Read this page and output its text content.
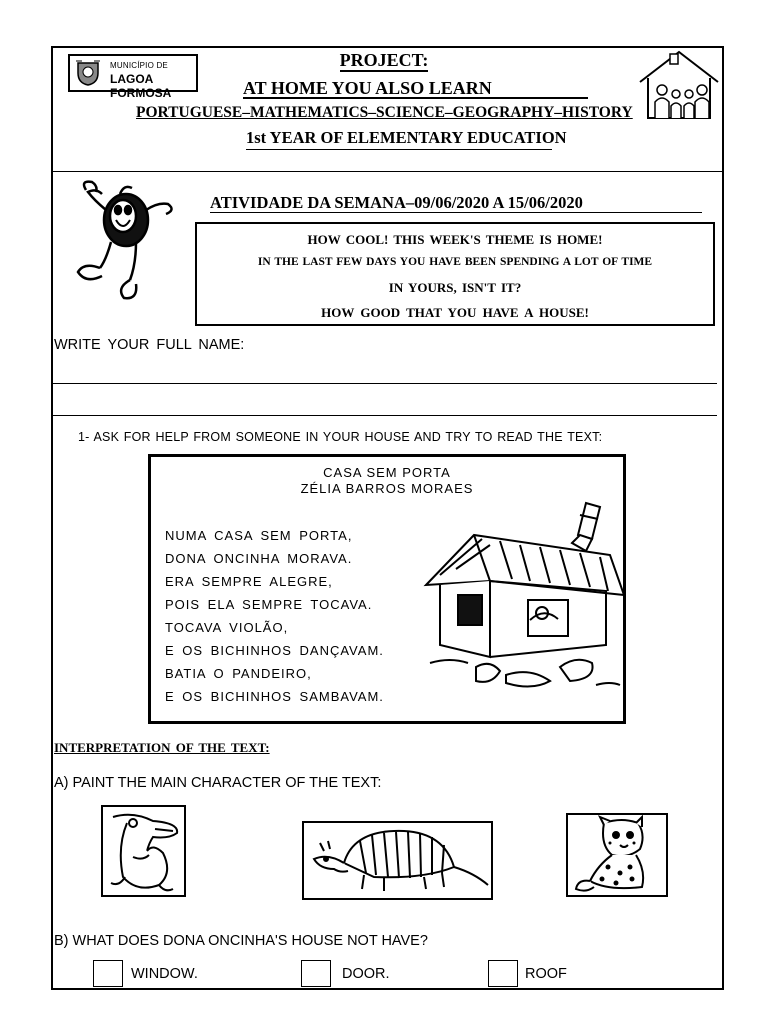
MUNICÍPIO DE
LAGOA FORMOSA
PROJECT:
AT HOME YOU ALSO LEARN
PORTUGUESE–MATHEMATICS–SCIENCE–GEOGRAPHY–HISTORY
1st YEAR OF ELEMENTARY EDUCATION
ATIVIDADE DA SEMANA–09/06/2020 A 15/06/2020
HOW COOL! THIS WEEK'S THEME IS HOME!
IN THE LAST FEW DAYS YOU HAVE BEEN SPENDING A LOT OF TIME
IN YOURS, ISN'T IT?
HOW GOOD THAT YOU HAVE A HOUSE!
WRITE YOUR FULL NAME:
1- ASK FOR HELP FROM SOMEONE IN YOUR HOUSE AND TRY TO READ THE TEXT:
CASA SEM PORTA
ZÉLIA BARROS MORAES
NUMA CASA SEM PORTA,
DONA ONCINHA MORAVA.
ERA SEMPRE ALEGRE,
POIS ELA SEMPRE TOCAVA.
TOCAVA VIOLÃO,
E OS BICHINHOS DANÇAVAM.
BATIA O PANDEIRO,
E OS BICHINHOS SAMBAVAM.
INTERPRETATION OF THE TEXT:
A) PAINT THE MAIN CHARACTER OF THE TEXT:
B) WHAT DOES DONA ONCINHA'S HOUSE NOT HAVE?
WINDOW.	DOOR.	ROOF
